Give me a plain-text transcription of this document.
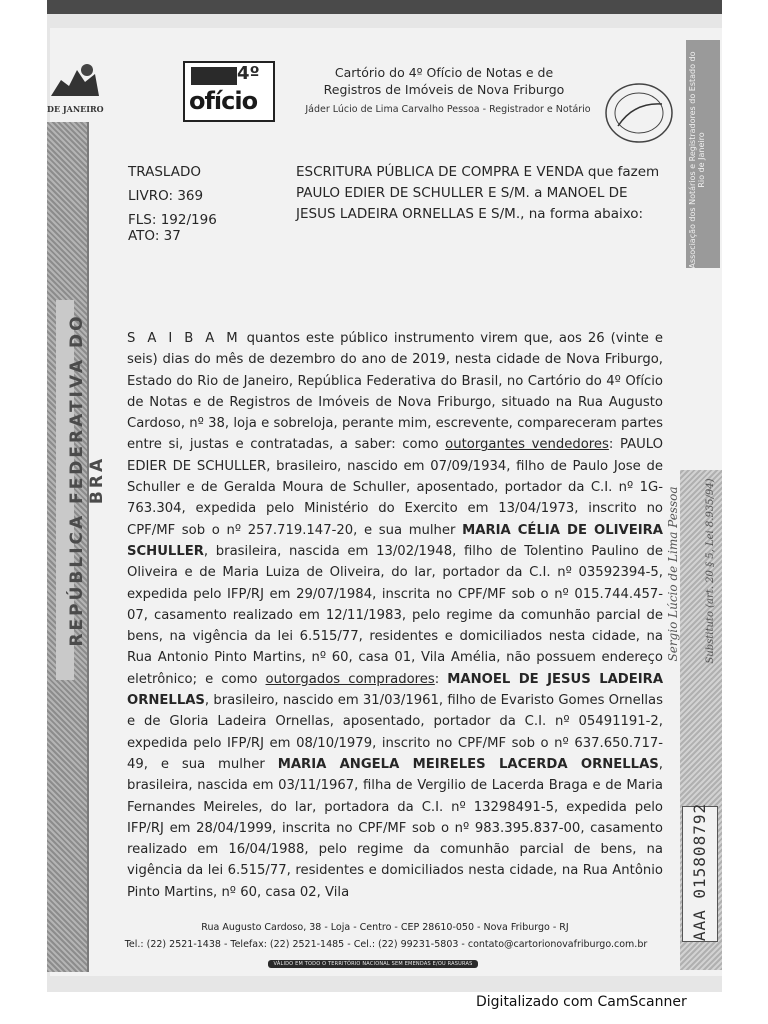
REPÚBLICA FEDERATIVA DO BRA
DE JANEIRO	Associação dos Notários e Registradores do Estado do Rio de Janeiro
AAA 015808792
4º
ofício
Cartório do 4º Ofício de Notas e de
Registros de Imóveis de Nova Friburgo
Jáder Lúcio de Lima Carvalho Pessoa - Registrador e Notário
TRASLADO
LIVRO: 369
FLS: 192/196
ATO: 37
ESCRITURA PÚBLICA DE COMPRA E VENDA que fazem
PAULO EDIER DE SCHULLER E S/M. a MANOEL DE
JESUS LADEIRA ORNELLAS E S/M., na forma abaixo:
S A I B A M quantos este público instrumento virem que, aos 26 (vinte e seis) dias do mês de dezembro do ano de 2019, nesta cidade de Nova Friburgo, Estado do Rio de Janeiro, República Federativa do Brasil, no Cartório do 4º Ofício de Notas e de Registros de Imóveis de Nova Friburgo, situado na Rua Augusto Cardoso, nº 38, loja e sobreloja, perante mim, escrevente, compareceram partes entre si, justas e contratadas, a saber: como outorgantes vendedores: PAULO EDIER DE SCHULLER, brasileiro, nascido em 07/09/1934, filho de Paulo Jose de Schuller e de Geralda Moura de Schuller, aposentado, portador da C.I. nº 1G-763.304, expedida pelo Ministério do Exercito em 13/04/1973, inscrito no CPF/MF sob o nº 257.719.147-20, e sua mulher MARIA CÉLIA DE OLIVEIRA SCHULLER, brasileira, nascida em 13/02/1948, filho de Tolentino Paulino de Oliveira e de Maria Luiza de Oliveira, do lar, portador da C.I. nº 03592394-5, expedida pelo IFP/RJ em 29/07/1984, inscrita no CPF/MF sob o nº 015.744.457-07, casamento realizado em 12/11/1983, pelo regime da comunhão parcial de bens, na vigência da lei 6.515/77, residentes e domiciliados nesta cidade, na Rua Antonio Pinto Martins, nº 60, casa 01, Vila Amélia, não possuem endereço eletrônico; e como outorgados compradores: MANOEL DE JESUS LADEIRA ORNELLAS, brasileiro, nascido em 31/03/1961, filho de Evaristo Gomes Ornellas e de Gloria Ladeira Ornellas, aposentado, portador da C.I. nº 05491191-2, expedida pelo IFP/RJ em 08/10/1979, inscrito no CPF/MF sob o nº 637.650.717-49, e sua mulher MARIA ANGELA MEIRELES LACERDA ORNELLAS, brasileira, nascida em 03/11/1967, filha de Vergilio de Lacerda Braga e de Maria Fernandes Meireles, do lar, portadora da C.I. nº 13298491-5, expedida pelo IFP/RJ em 28/04/1999, inscrita no CPF/MF sob o nº 983.395.837-00, casamento realizado em 16/04/1988, pelo regime da comunhão parcial de bens, na vigência da lei 6.515/77, residentes e domiciliados nesta cidade, na Rua Antônio Pinto Martins, nº 60, casa 02, Vila
Sergio Lúcio de Lima Pessoa	Substituto (art. 20 § 5, Lei 8.935/94)
Rua Augusto Cardoso, 38 - Loja - Centro - CEP 28610-050 - Nova Friburgo - RJ
Tel.: (22) 2521-1438 - Telefax: (22) 2521-1485 - Cel.: (22) 99231-5803 - contato@cartorionovafriburgo.com.br
VÁLIDO EM TODO O TERRITÓRIO NACIONAL SEM EMENDAS E/OU RASURAS
Digitalizado com CamScanner
